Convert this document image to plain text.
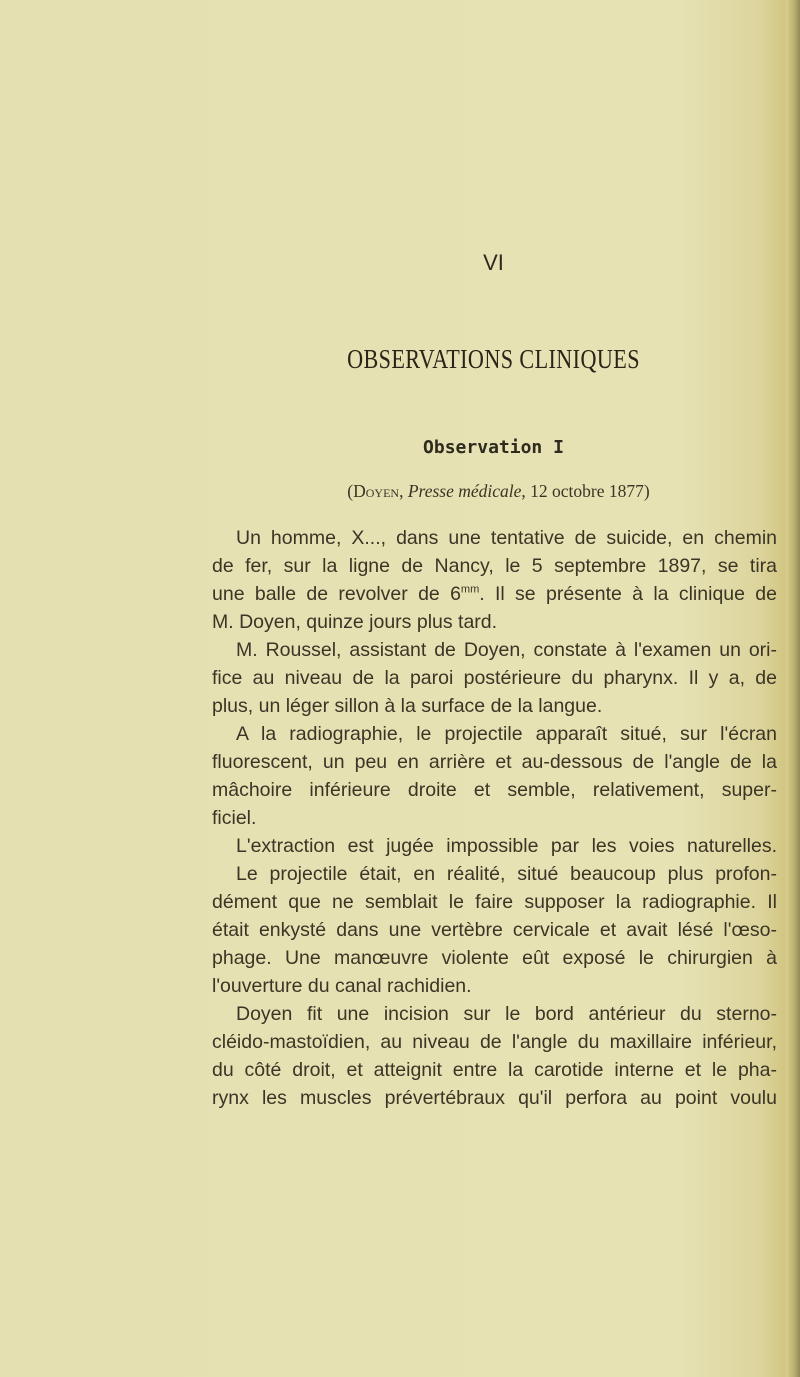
VI
OBSERVATIONS CLINIQUES
Observation I
(Doyen, Presse médicale, 12 octobre 1877)
Un homme, X..., dans une tentative de suicide, en chemin
de fer, sur la ligne de Nancy, le 5 septembre 1897, se tira
une balle de revolver de $6^{mm}$. Il se présente à la clinique de
M. Doyen, quinze jours plus tard.
M. Roussel, assistant de Doyen, constate à l'examen un ori-
fice au niveau de la paroi postérieure du pharynx. Il y a, de
plus, un léger sillon à la surface de la langue.
A la radiographie, le projectile apparaît situé, sur l'écran
fluorescent, un peu en arrière et au-dessous de l'angle de la
mâchoire inférieure droite et semble, relativement, super-
ficiel.
L'extraction est jugée impossible par les voies naturelles.
Le projectile était, en réalité, situé beaucoup plus profon-
dément que ne semblait le faire supposer la radiographie. Il
était enkysté dans une vertèbre cervicale et avait lésé l'œso-
phage. Une manœuvre violente eût exposé le chirurgien à
l'ouverture du canal rachidien.
Doyen fit une incision sur le bord antérieur du sterno-
cléido-mastoïdien, au niveau de l'angle du maxillaire inférieur,
du côté droit, et atteignit entre la carotide interne et le pha-
rynx les muscles prévertébraux qu'il perfora au point voulu
